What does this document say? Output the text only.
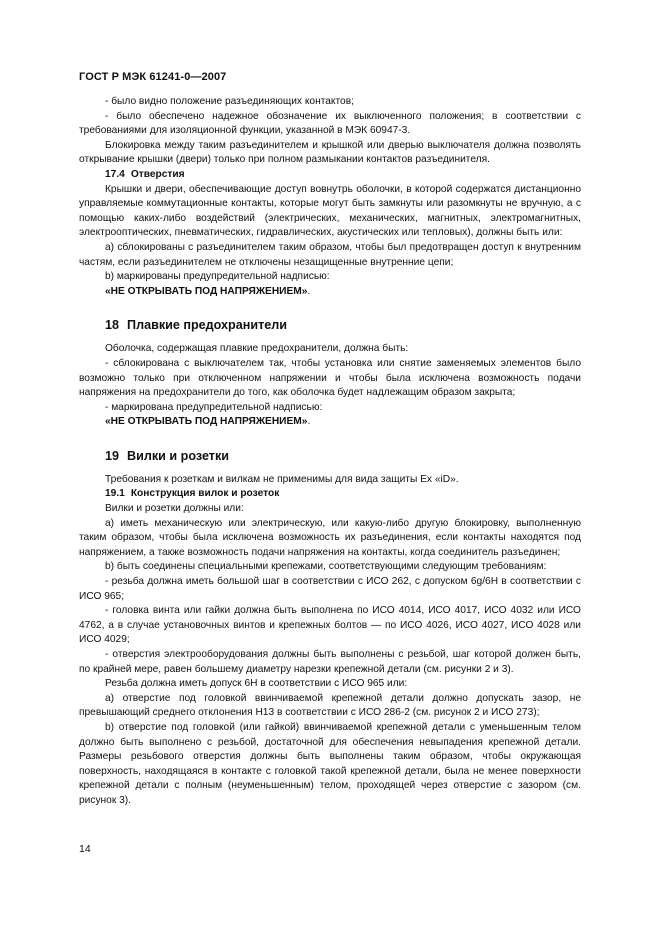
ГОСТ Р МЭК 61241-0—2007

- было видно положение разъединяющих контактов;

- было обеспечено надежное обозначение их выключенного положения; в соответствии с требованиями для изоляционной функции, указанной в МЭК 60947-3.

Блокировка между таким разъединителем и крышкой или дверью выключателя должна позволять открывание крышки (двери) только при полном размыкании контактов разъединителя.

17.4 Отверстия

Крышки и двери, обеспечивающие доступ вовнутрь оболочки, в которой содержатся дистанционно управляемые коммутационные контакты, которые могут быть замкнуты или разомкнуты не вручную, а с помощью каких-либо воздействий (электрических, механических, магнитных, электромагнитных, электрооптических, пневматических, гидравлических, акустических или тепловых), должны быть или:

а) сблокированы с разъединителем таким образом, чтобы был предотвращен доступ к внутренним частям, если разъединителем не отключены незащищенные внутренние цепи;

b) маркированы предупредительной надписью:

«НЕ ОТКРЫВАТЬ ПОД НАПРЯЖЕНИЕМ».

18 Плавкие предохранители

Оболочка, содержащая плавкие предохранители, должна быть:

- сблокирована с выключателем так, чтобы установка или снятие заменяемых элементов было возможно только при отключенном напряжении и чтобы была исключена возможность подачи напряжения на предохранители до того, как оболочка будет надлежащим образом закрыта;

- маркирована предупредительной надписью:

«НЕ ОТКРЫВАТЬ ПОД НАПРЯЖЕНИЕМ».

19 Вилки и розетки

Требования к розеткам и вилкам не применимы для вида защиты Ex «iD».

19.1 Конструкция вилок и розеток

Вилки и розетки должны или:

а) иметь механическую или электрическую, или какую-либо другую блокировку, выполненную таким образом, чтобы была исключена возможность их разъединения, если контакты находятся под напряжением, а также возможность подачи напряжения на контакты, когда соединитель разъединен;

b) быть соединены специальными крепежами, соответствующими следующим требованиям:

- резьба должна иметь большой шаг в соответствии с ИСО 262, с допуском 6g/6H в соответствии с ИСО 965;

- головка винта или гайки должна быть выполнена по ИСО 4014, ИСО 4017, ИСО 4032 или ИСО 4762, а в случае установочных винтов и крепежных болтов — по ИСО 4026, ИСО 4027, ИСО 4028 или ИСО 4029;

- отверстия электрооборудования должны быть выполнены с резьбой, шаг которой должен быть, по крайней мере, равен большему диаметру нарезки крепежной детали (см. рисунки 2 и 3).

Резьба должна иметь допуск 6H в соответствии с ИСО 965 или:

а) отверстие под головкой ввинчиваемой крепежной детали должно допускать зазор, не превышающий среднего отклонения H13 в соответствии с ИСО 286-2 (см. рисунок 2 и ИСО 273);

b) отверстие под головкой (или гайкой) ввинчиваемой крепежной детали с уменьшенным телом должно быть выполнено с резьбой, достаточной для обеспечения невыпадения крепежной детали. Размеры резьбового отверстия должны быть выполнены таким образом, чтобы окружающая поверхность, находящаяся в контакте с головкой такой крепежной детали, была не менее поверхности крепежной детали с полным (неуменьшенным) телом, проходящей через отверстие с зазором (см. рисунок 3).

14
